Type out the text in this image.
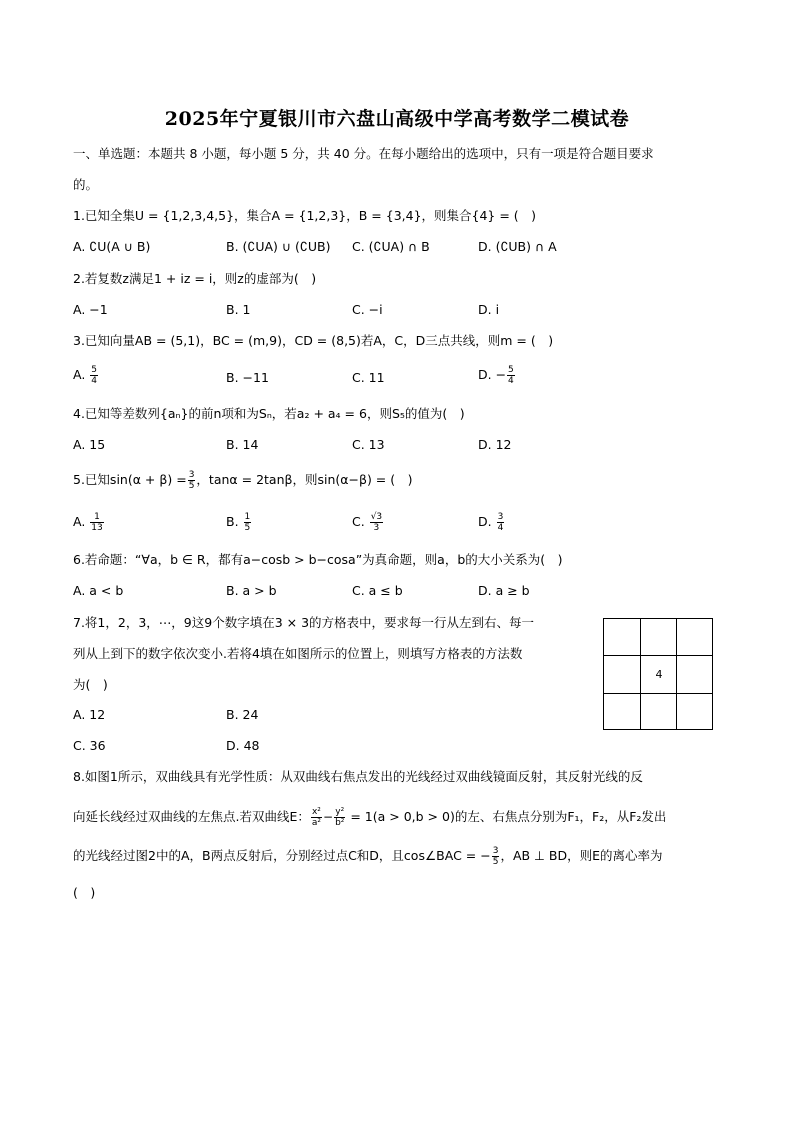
2025年宁夏银川市六盘山高级中学高考数学二模试卷
一、单选题：本题共 8 小题，每小题 5 分，共 40 分。在每小题给出的选项中，只有一项是符合题目要求
的。
1.已知全集U = {1,2,3,4,5}，集合A = {1,2,3}，B = {3,4}，则集合{4} = (　)
A. ∁U(A ∪ B)	B. (∁UA) ∪ (∁UB) C. (∁UA) ∩ B	D. (∁UB) ∩ A
2.若复数z满足1 + iz = i，则z的虚部为(　)
A. −1	B. 1	C. −i	D. i
3.已知向量AB = (5,1)，BC = (m,9)，CD = (8,5)若A，C，D三点共线，则m = (　)
A. $\frac{5}{4}$	B. −11	C. 11	D. − $\frac{5}{4}$
4.已知等差数列{aₙ}的前n项和为Sₙ，若a₂ + a₄ = 6，则S₅的值为(　)
A. 15	B. 14	C. 13	D. 12
5.已知$\sin(\alpha + \beta) = \frac{3}{5}$ ，tanα = 2tanβ，则sin(α−β) = (　)
A. $\frac{1}{13}$	B. $\frac{1}{5}$	C. $\frac{√3}{3}$	D. $\frac{3}{4}$
6.若命题：“∀a，b ∈ R，都有a−cosb > b−cosa”为真命题，则a，b的大小关系为(　)
A. a < b	B. a > b	C. a ≤ b	D. a ≥ b
7.将1，2，3，⋯，9这9个数字填在3 × 3的方格表中，要求每一行从左到右、每一
列从上到下的数字依次变小.若将4填在如图所示的位置上，则填写方格表的方法数
为(　)
A. 12	B. 24
C. 36	D. 48
4
8.如图1所示，双曲线具有光学性质：从双曲线右焦点发出的光线经过双曲线镜面反射，其反射光线的反
向延长线经过双曲线的左焦点.若双曲线E： $\frac{\text{x²}}{\text{a²}} - \frac{\text{y²}}{\text{b²}} = 1(a > 0,b > 0)$的左、右焦点分别为F₁，F₂，从F₂发出
的光线经过图2中的A，B两点反射后，分别经过点C和D，且cos∠BAC = − $\frac{3}{5}$ ，AB ⊥ BD，则E的离心率为
(　)
